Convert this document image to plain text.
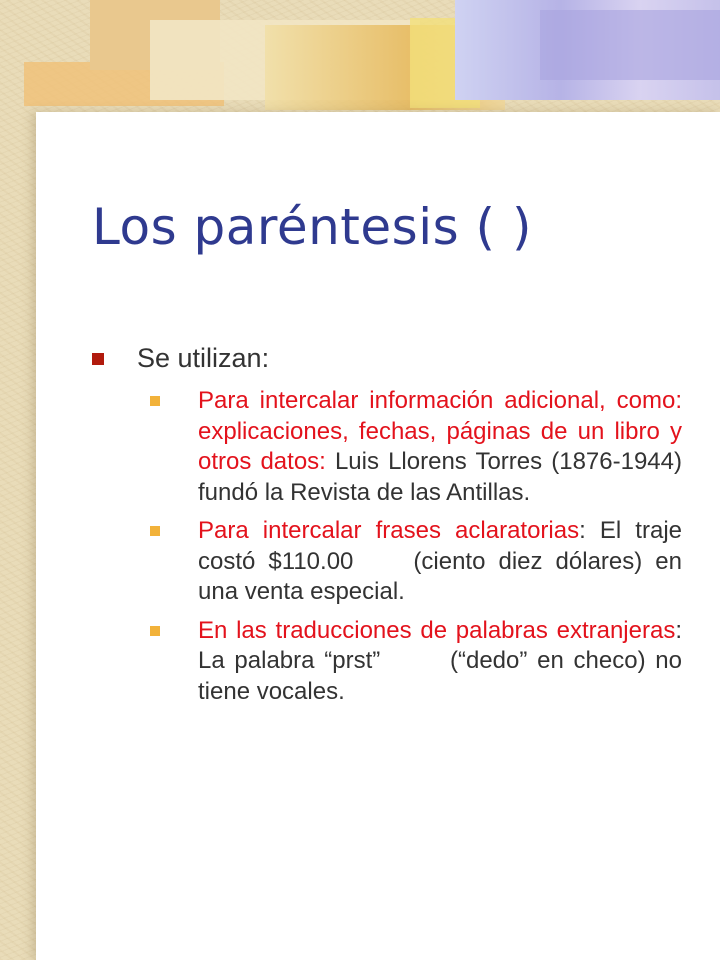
Los paréntesis ( )
Se utilizan:

Para intercalar información adicional, como: explicaciones, fechas, páginas de un libro y otros datos: Luis Llorens Torres (1876-1944) fundó la Revista de las Antillas.

Para intercalar frases aclaratorias: El traje costó $110.00	(ciento diez dólares) en una venta especial.

En las traducciones de palabras extranjeras: La palabra “prst”	(“dedo” en checo) no tiene vocales.
